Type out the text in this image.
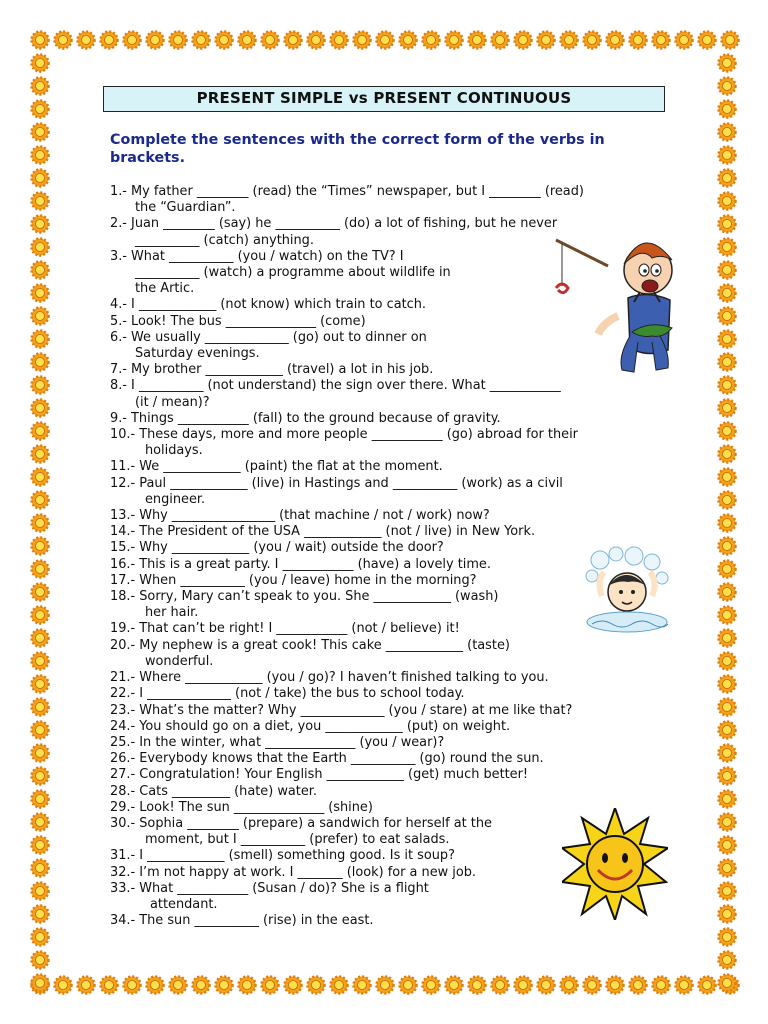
PRESENT SIMPLE vs PRESENT CONTINUOUS
Complete the sentences with the correct form of the verbs in brackets.
1.- My father ________ (read) the “Times” newspaper, but I ________ (read)
the “Guardian”.
2.- Juan ________ (say) he __________ (do) a lot of fishing, but he never
__________ (catch) anything.
3.- What __________ (you / watch) on the TV? I
__________ (watch) a programme about wildlife in
the Artic.
4.- I ____________ (not know) which train to catch.
5.- Look! The bus ______________ (come)
6.- We usually _____________ (go) out to dinner on
Saturday evenings.
7.- My brother ____________ (travel) a lot in his job.
8.- I __________ (not understand) the sign over there. What ___________
(it / mean)?
9.- Things ___________ (fall) to the ground because of gravity.
10.- These days, more and more people ___________ (go) abroad for their
holidays.
11.- We ____________ (paint) the flat at the moment.
12.- Paul ____________ (live) in Hastings and __________ (work) as a civil
engineer.
13.- Why ________________ (that machine / not / work) now?
14.- The President of the USA ____________ (not / live) in New York.
15.- Why ____________ (you / wait) outside the door?
16.- This is a great party. I ___________ (have) a lovely time.
17.- When __________ (you / leave) home in the morning?
18.- Sorry, Mary can’t speak to you. She ____________ (wash)
her hair.
19.- That can’t be right! I ___________ (not / believe) it!
20.- My nephew is a great cook! This cake ____________ (taste)
wonderful.
21.- Where ____________ (you / go)? I haven’t finished talking to you.
22.- I _____________ (not / take) the bus to school today.
23.- What’s the matter? Why _____________ (you / stare) at me like that?
24.- You should go on a diet, you ____________ (put) on weight.
25.- In the winter, what ______________ (you / wear)?
26.- Everybody knows that the Earth __________ (go) round the sun.
27.- Congratulation! Your English ____________ (get) much better!
28.- Cats _________ (hate) water.
29.- Look! The sun ______________ (shine)
30.- Sophia ________ (prepare) a sandwich for herself at the
moment, but I __________ (prefer) to eat salads.
31.- I ____________ (smell) something good. Is it soup?
32.- I’m not happy at work. I _______ (look) for a new job.
33.- What ___________ (Susan / do)? She is a flight
attendant.
34.- The sun __________ (rise) in the east.
